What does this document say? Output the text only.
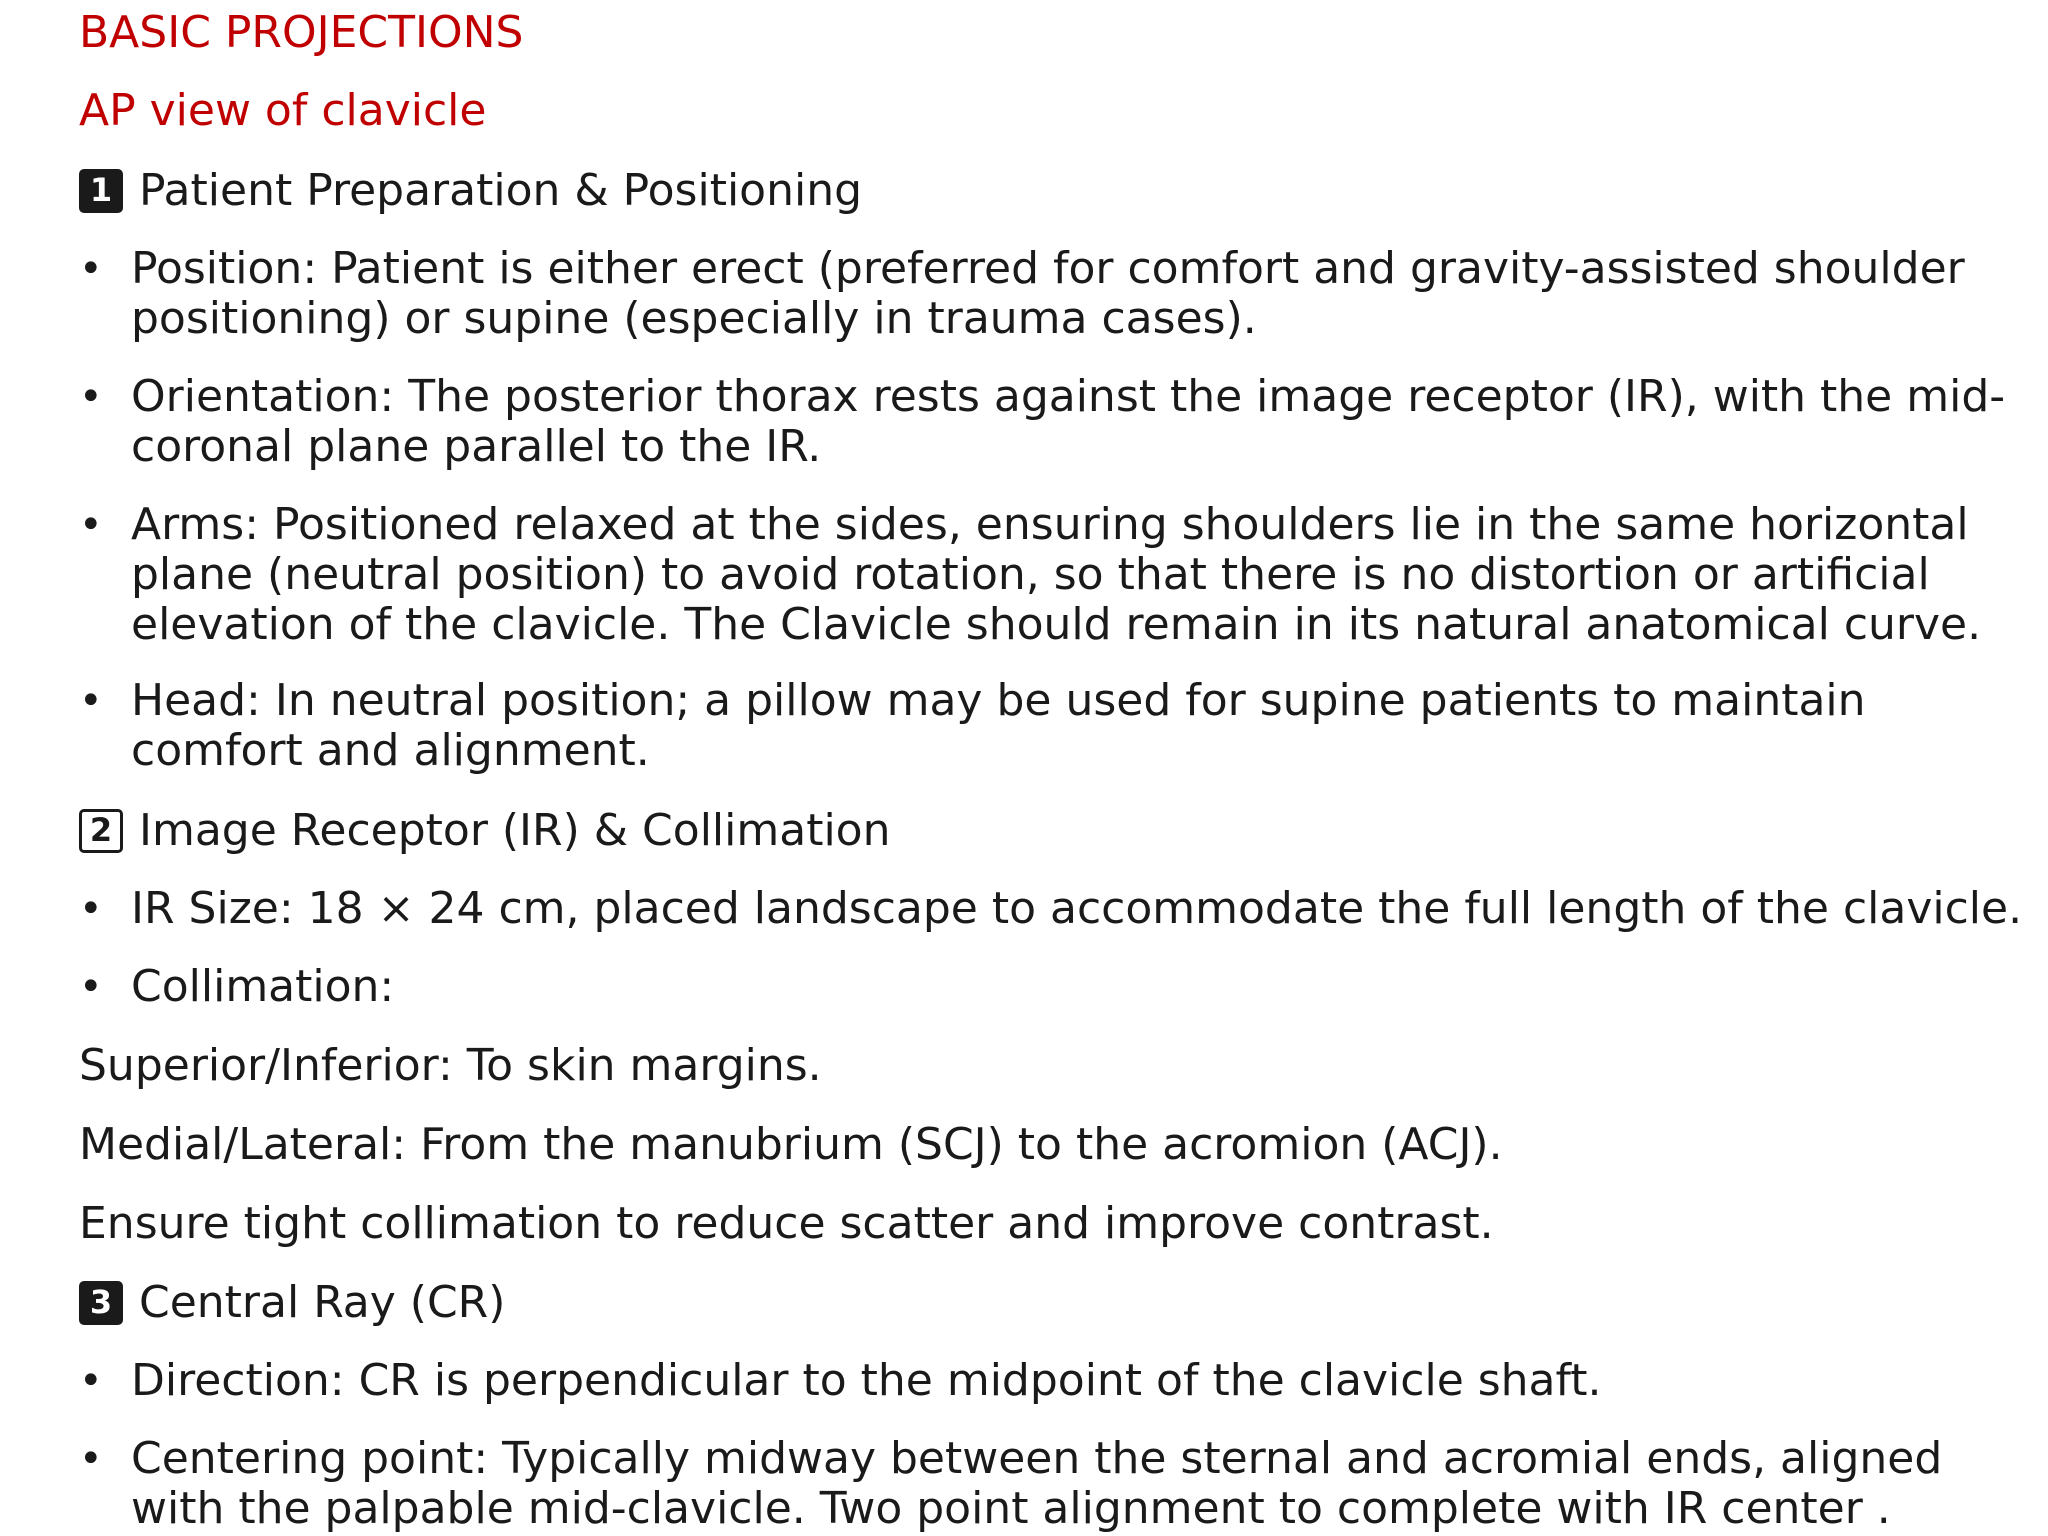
BASIC PROJECTIONS

AP view of clavicle

1 Patient Preparation & Positioning
• Position: Patient is either erect (preferred for comfort and gravity-assisted shoulder
positioning) or supine (especially in trauma cases).
• Orientation: The posterior thorax rests against the image receptor (IR), with the mid-
coronal plane parallel to the IR.
• Arms: Positioned relaxed at the sides, ensuring shoulders lie in the same horizontal
plane (neutral position) to avoid rotation, so that there is no distortion or artificial
elevation of the clavicle. The Clavicle should remain in its natural anatomical curve.
• Head: In neutral position; a pillow may be used for supine patients to maintain
comfort and alignment.
2 Image Receptor (IR) & Collimation
• IR Size: 18 × 24 cm, placed landscape to accommodate the full length of the clavicle.
• Collimation:

Superior/Inferior: To skin margins.

Medial/Lateral: From the manubrium (SCJ) to the acromion (ACJ).

Ensure tight collimation to reduce scatter and improve contrast.

3 Central Ray (CR)
• Direction: CR is perpendicular to the midpoint of the clavicle shaft.
• Centering point: Typically midway between the sternal and acromial ends, aligned
with the palpable mid-clavicle. Two point alignment to complete with IR center .
